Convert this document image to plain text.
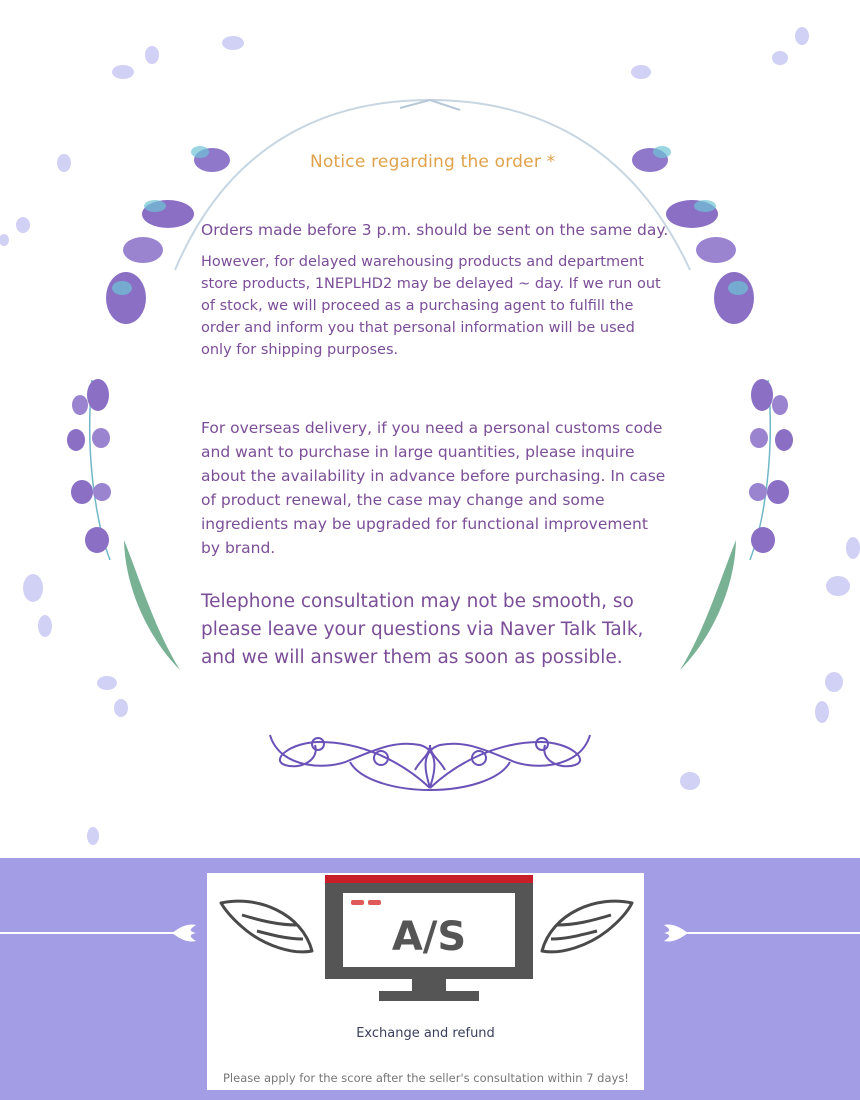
Notice regarding the order *
Orders made before 3 p.m. should be sent on the same day.
However, for delayed warehousing products and department store products, 1NEPLHD2 may be delayed ~ day. If we run out of stock, we will proceed as a purchasing agent to fulfill the order and inform you that personal information will be used only for shipping purposes.
For overseas delivery, if you need a personal customs code and want to purchase in large quantities, please inquire about the availability in advance before purchasing. In case of product renewal, the case may change and some ingredients may be upgraded for functional improvement by brand.
Telephone consultation may not be smooth, so please leave your questions via Naver Talk Talk, and we will answer them as soon as possible.
A/S
Exchange and refund
Please apply for the score after the seller's consultation within 7 days!
